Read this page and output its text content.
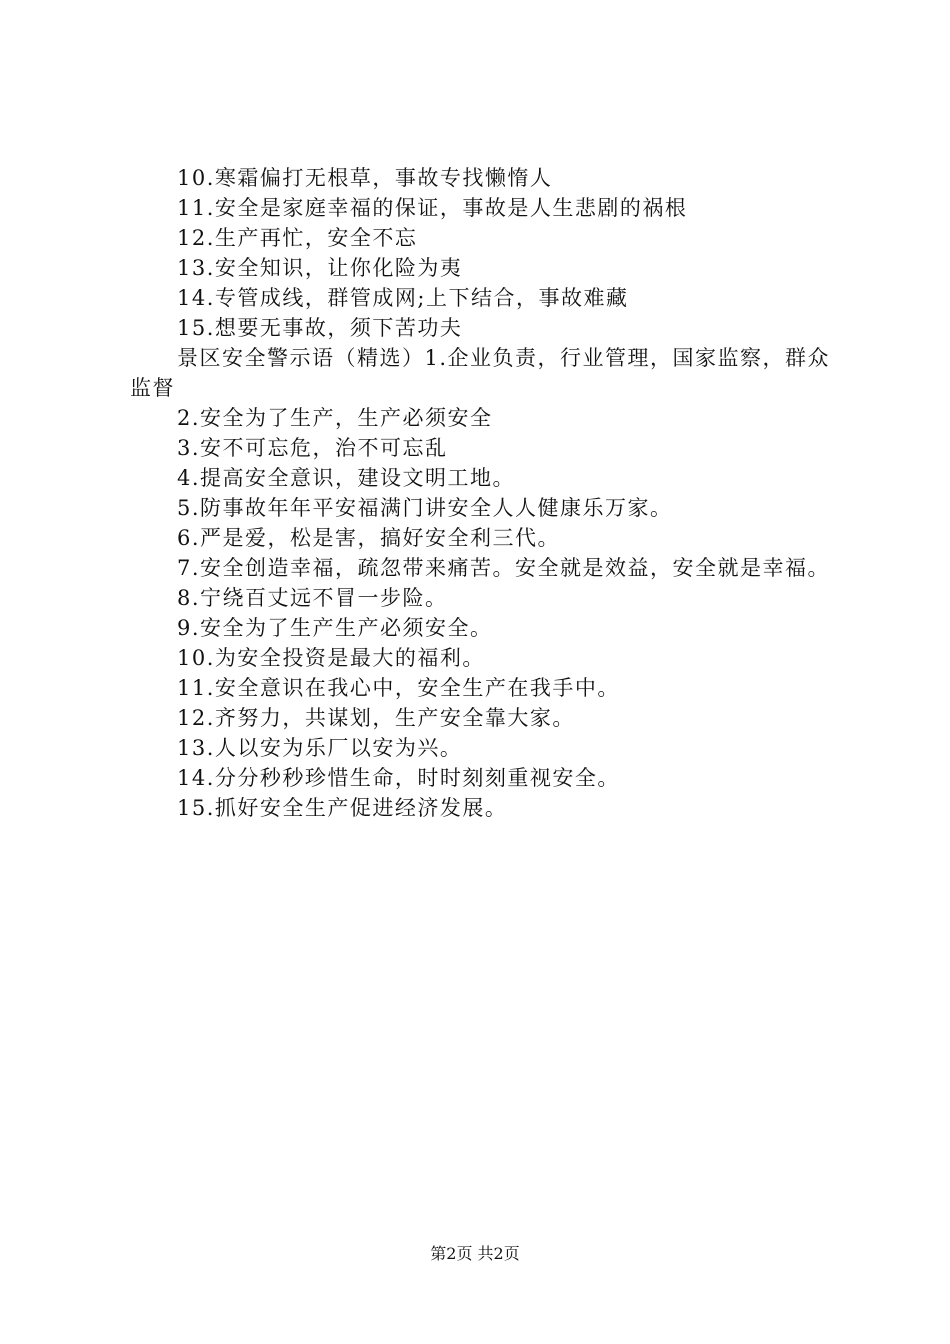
10.寒霜偏打无根草，事故专找懒惰人

11.安全是家庭幸福的保证，事故是人生悲剧的祸根

12.生产再忙，安全不忘

13.安全知识，让你化险为夷

14.专管成线，群管成网;上下结合，事故难藏

15.想要无事故，须下苦功夫

景区安全警示语（精选）1.企业负责，行业管理，国家监察，群众监督

2.安全为了生产，生产必须安全

3.安不可忘危，治不可忘乱

4.提高安全意识，建设文明工地。

5.防事故年年平安福满门讲安全人人健康乐万家。

6.严是爱，松是害，搞好安全利三代。

7.安全创造幸福，疏忽带来痛苦。安全就是效益，安全就是幸福。

8.宁绕百丈远不冒一步险。

9.安全为了生产生产必须安全。

10.为安全投资是最大的福利。

11.安全意识在我心中，安全生产在我手中。

12.齐努力，共谋划，生产安全靠大家。

13.人以安为乐厂以安为兴。

14.分分秒秒珍惜生命，时时刻刻重视安全。

15.抓好安全生产促进经济发展。

第2页 共2页
